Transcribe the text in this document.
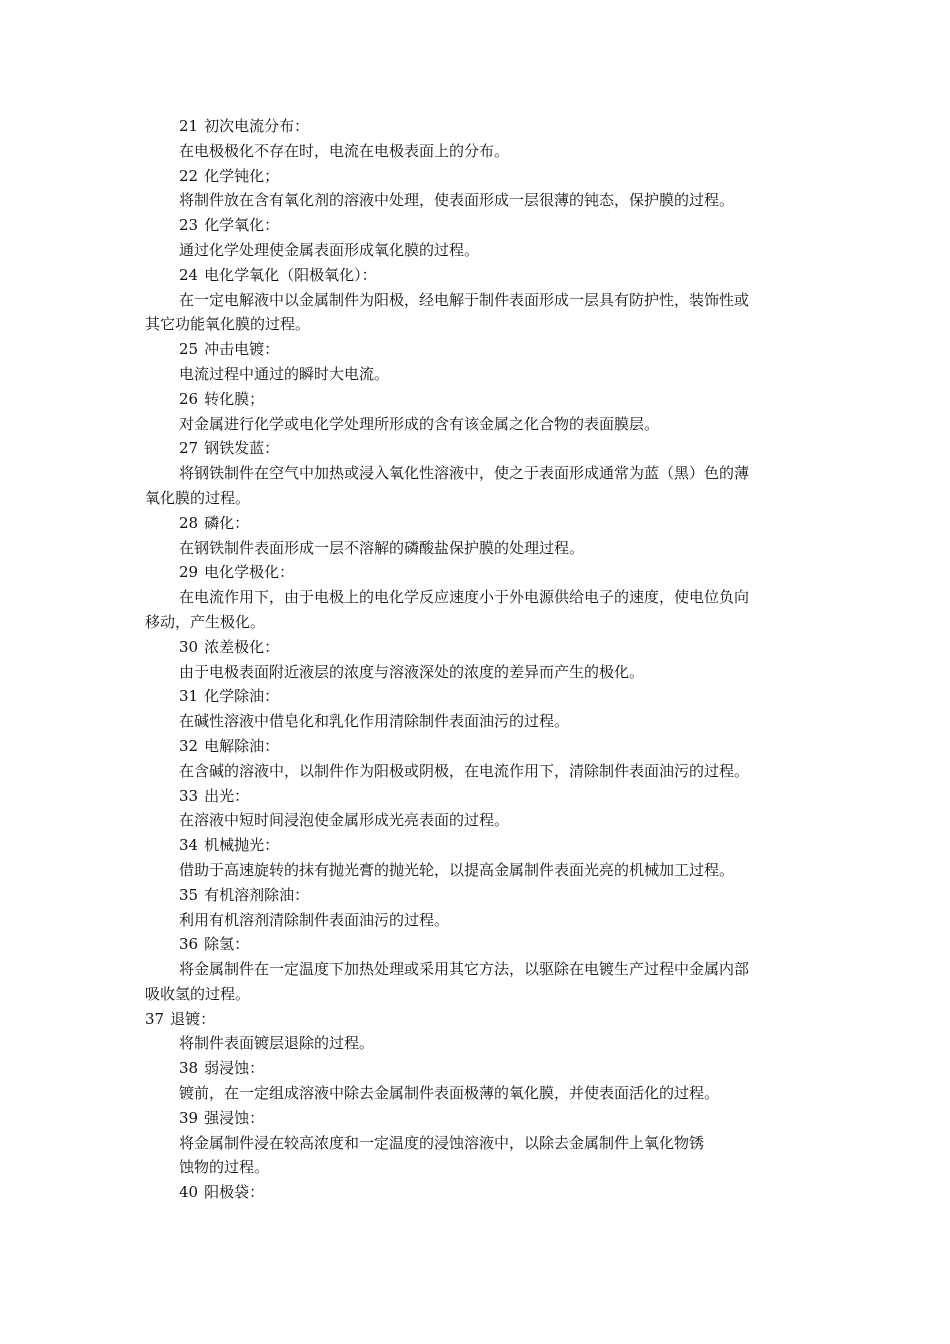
21 初次电流分布：
在电极极化不存在时，电流在电极表面上的分布。
22 化学钝化；
将制件放在含有氧化剂的溶液中处理，使表面形成一层很薄的钝态，保护膜的过程。
23 化学氧化：
通过化学处理使金属表面形成氧化膜的过程。
24 电化学氧化（阳极氧化）：
在一定电解液中以金属制件为阳极，经电解于制件表面形成一层具有防护性，装饰性或
其它功能氧化膜的过程。
25 冲击电镀：
电流过程中通过的瞬时大电流。
26 转化膜；
对金属进行化学或电化学处理所形成的含有该金属之化合物的表面膜层。
27 钢铁发蓝：
将钢铁制件在空气中加热或浸入氧化性溶液中，使之于表面形成通常为蓝（黑）色的薄
氧化膜的过程。
28 磷化：
在钢铁制件表面形成一层不溶解的磷酸盐保护膜的处理过程。
29 电化学极化：
在电流作用下，由于电极上的电化学反应速度小于外电源供给电子的速度，使电位负向
移动，产生极化。
30 浓差极化：
由于电极表面附近液层的浓度与溶液深处的浓度的差异而产生的极化。
31 化学除油：
在碱性溶液中借皂化和乳化作用清除制件表面油污的过程。
32 电解除油：
在含碱的溶液中，以制件作为阳极或阴极，在电流作用下，清除制件表面油污的过程。
33 出光：
在溶液中短时间浸泡使金属形成光亮表面的过程。
34 机械抛光：
借助于高速旋转的抹有抛光膏的抛光轮，以提高金属制件表面光亮的机械加工过程。
35 有机溶剂除油：
利用有机溶剂清除制件表面油污的过程。
36 除氢：
将金属制件在一定温度下加热处理或采用其它方法，以驱除在电镀生产过程中金属内部
吸收氢的过程。
37 退镀：
将制件表面镀层退除的过程。
38 弱浸蚀：
镀前，在一定组成溶液中除去金属制件表面极薄的氧化膜，并使表面活化的过程。
39 强浸蚀：
将金属制件浸在较高浓度和一定温度的浸蚀溶液中，以除去金属制件上氧化物锈
蚀物的过程。
40 阳极袋：
